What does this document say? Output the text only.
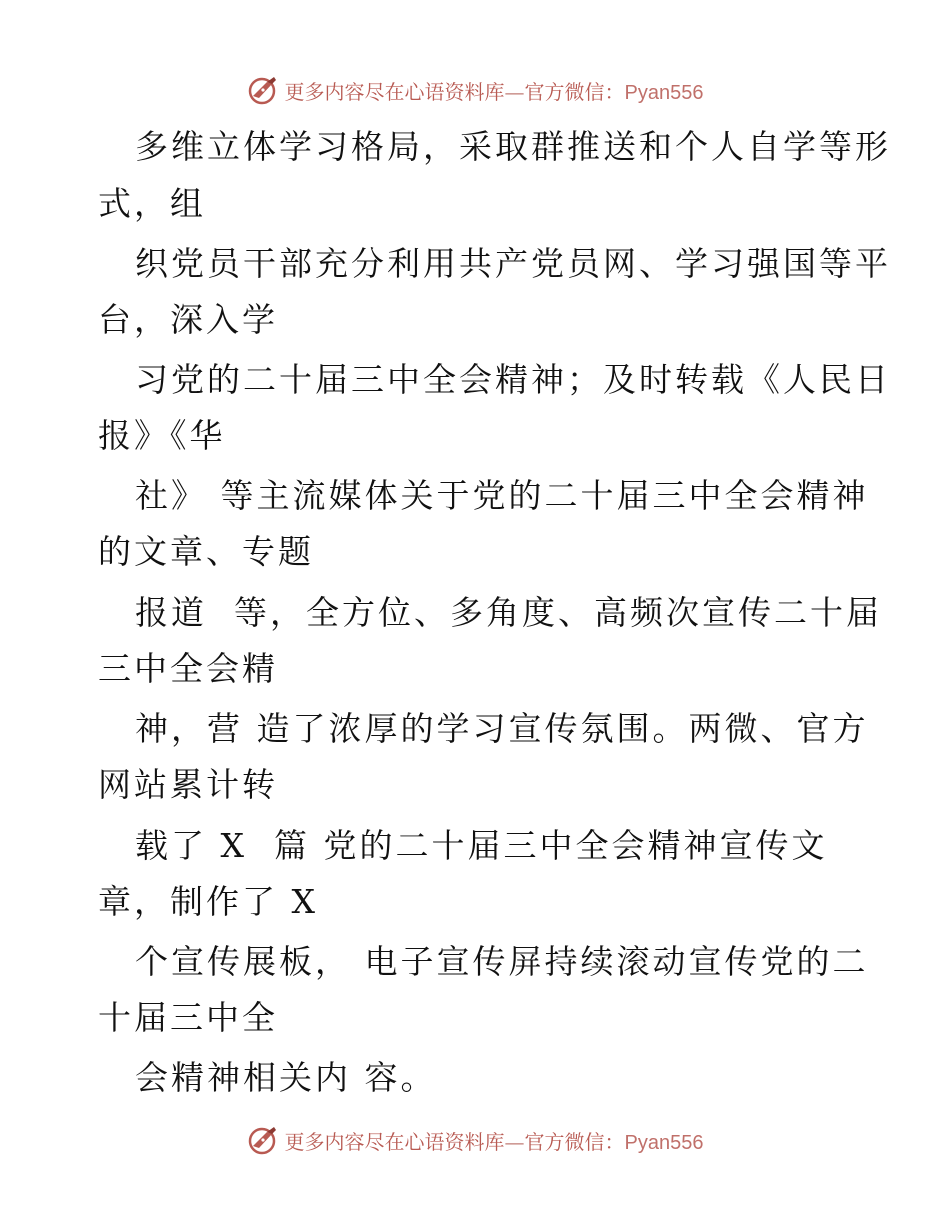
更多内容尽在心语资料库—官方微信：Pyan556
多维立体学习格局，采取群推送和个人自学等形
式，组
织党员干部充分利用共产党员网、学习强国等平
台，深入学
习党的二十届三中全会精神；及时转载《人民日
报》《华
社》 等主流媒体关于党的二十届三中全会精神
的文章、专题
报道  等，全方位、多角度、高频次宣传二十届
三中全会精
神，营 造了浓厚的学习宣传氛围。两微、官方
网站累计转
载了 X  篇 党的二十届三中全会精神宣传文
章，制作了 X
个宣传展板， 电子宣传屏持续滚动宣传党的二
十届三中全
会精神相关内 容。
更多内容尽在心语资料库—官方微信：Pyan556
